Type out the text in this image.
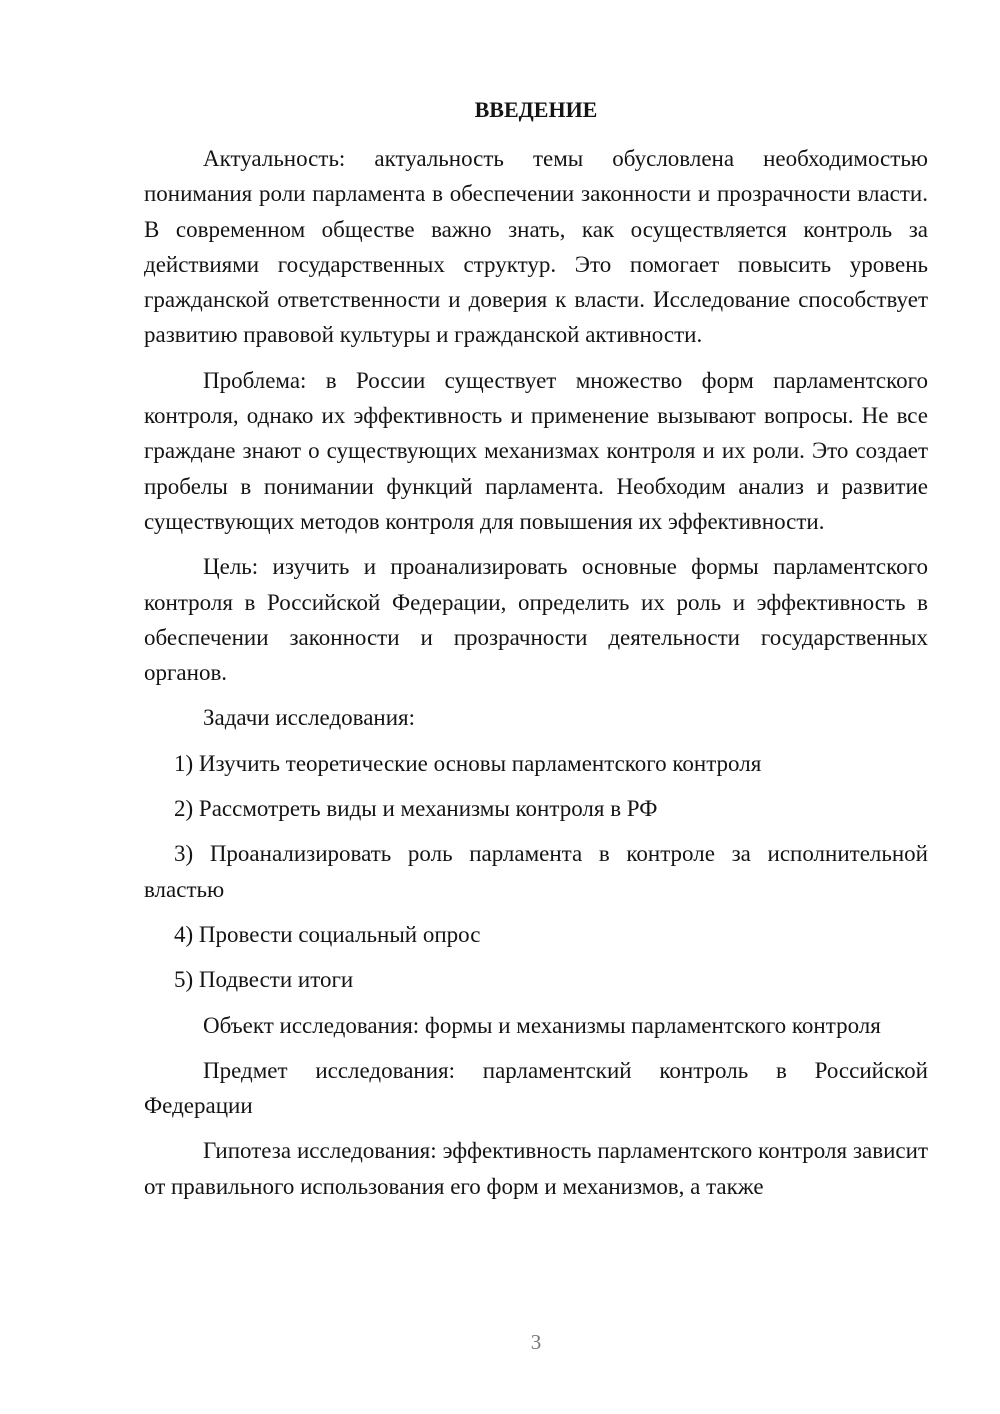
ВВЕДЕНИЕ

Актуальность: актуальность темы обусловлена необходимостью понимания роли парламента в обеспечении законности и прозрачности власти. В современном обществе важно знать, как осуществляется контроль за действиями государственных структур. Это помогает повысить уровень гражданской ответственности и доверия к власти. Исследование способствует развитию правовой культуры и гражданской активности.

Проблема: в России существует множество форм парламентского контроля, однако их эффективность и применение вызывают вопросы. Не все граждане знают о существующих механизмах контроля и их роли. Это создает пробелы в понимании функций парламента. Необходим анализ и развитие существующих методов контроля для повышения их эффективности.

Цель: изучить и проанализировать основные формы парламентского контроля в Российской Федерации, определить их роль и эффективность в обеспечении законности и прозрачности деятельности государственных органов.

Задачи исследования:

1) Изучить теоретические основы парламентского контроля

2) Рассмотреть виды и механизмы контроля в РФ

3) Проанализировать роль парламента в контроле за исполнительной властью

4) Провести социальный опрос

5) Подвести итоги

Объект исследования: формы и механизмы парламентского контроля

Предмет исследования: парламентский контроль в Российской Федерации

Гипотеза исследования: эффективность парламентского контроля зависит от правильного использования его форм и механизмов, а также

3
